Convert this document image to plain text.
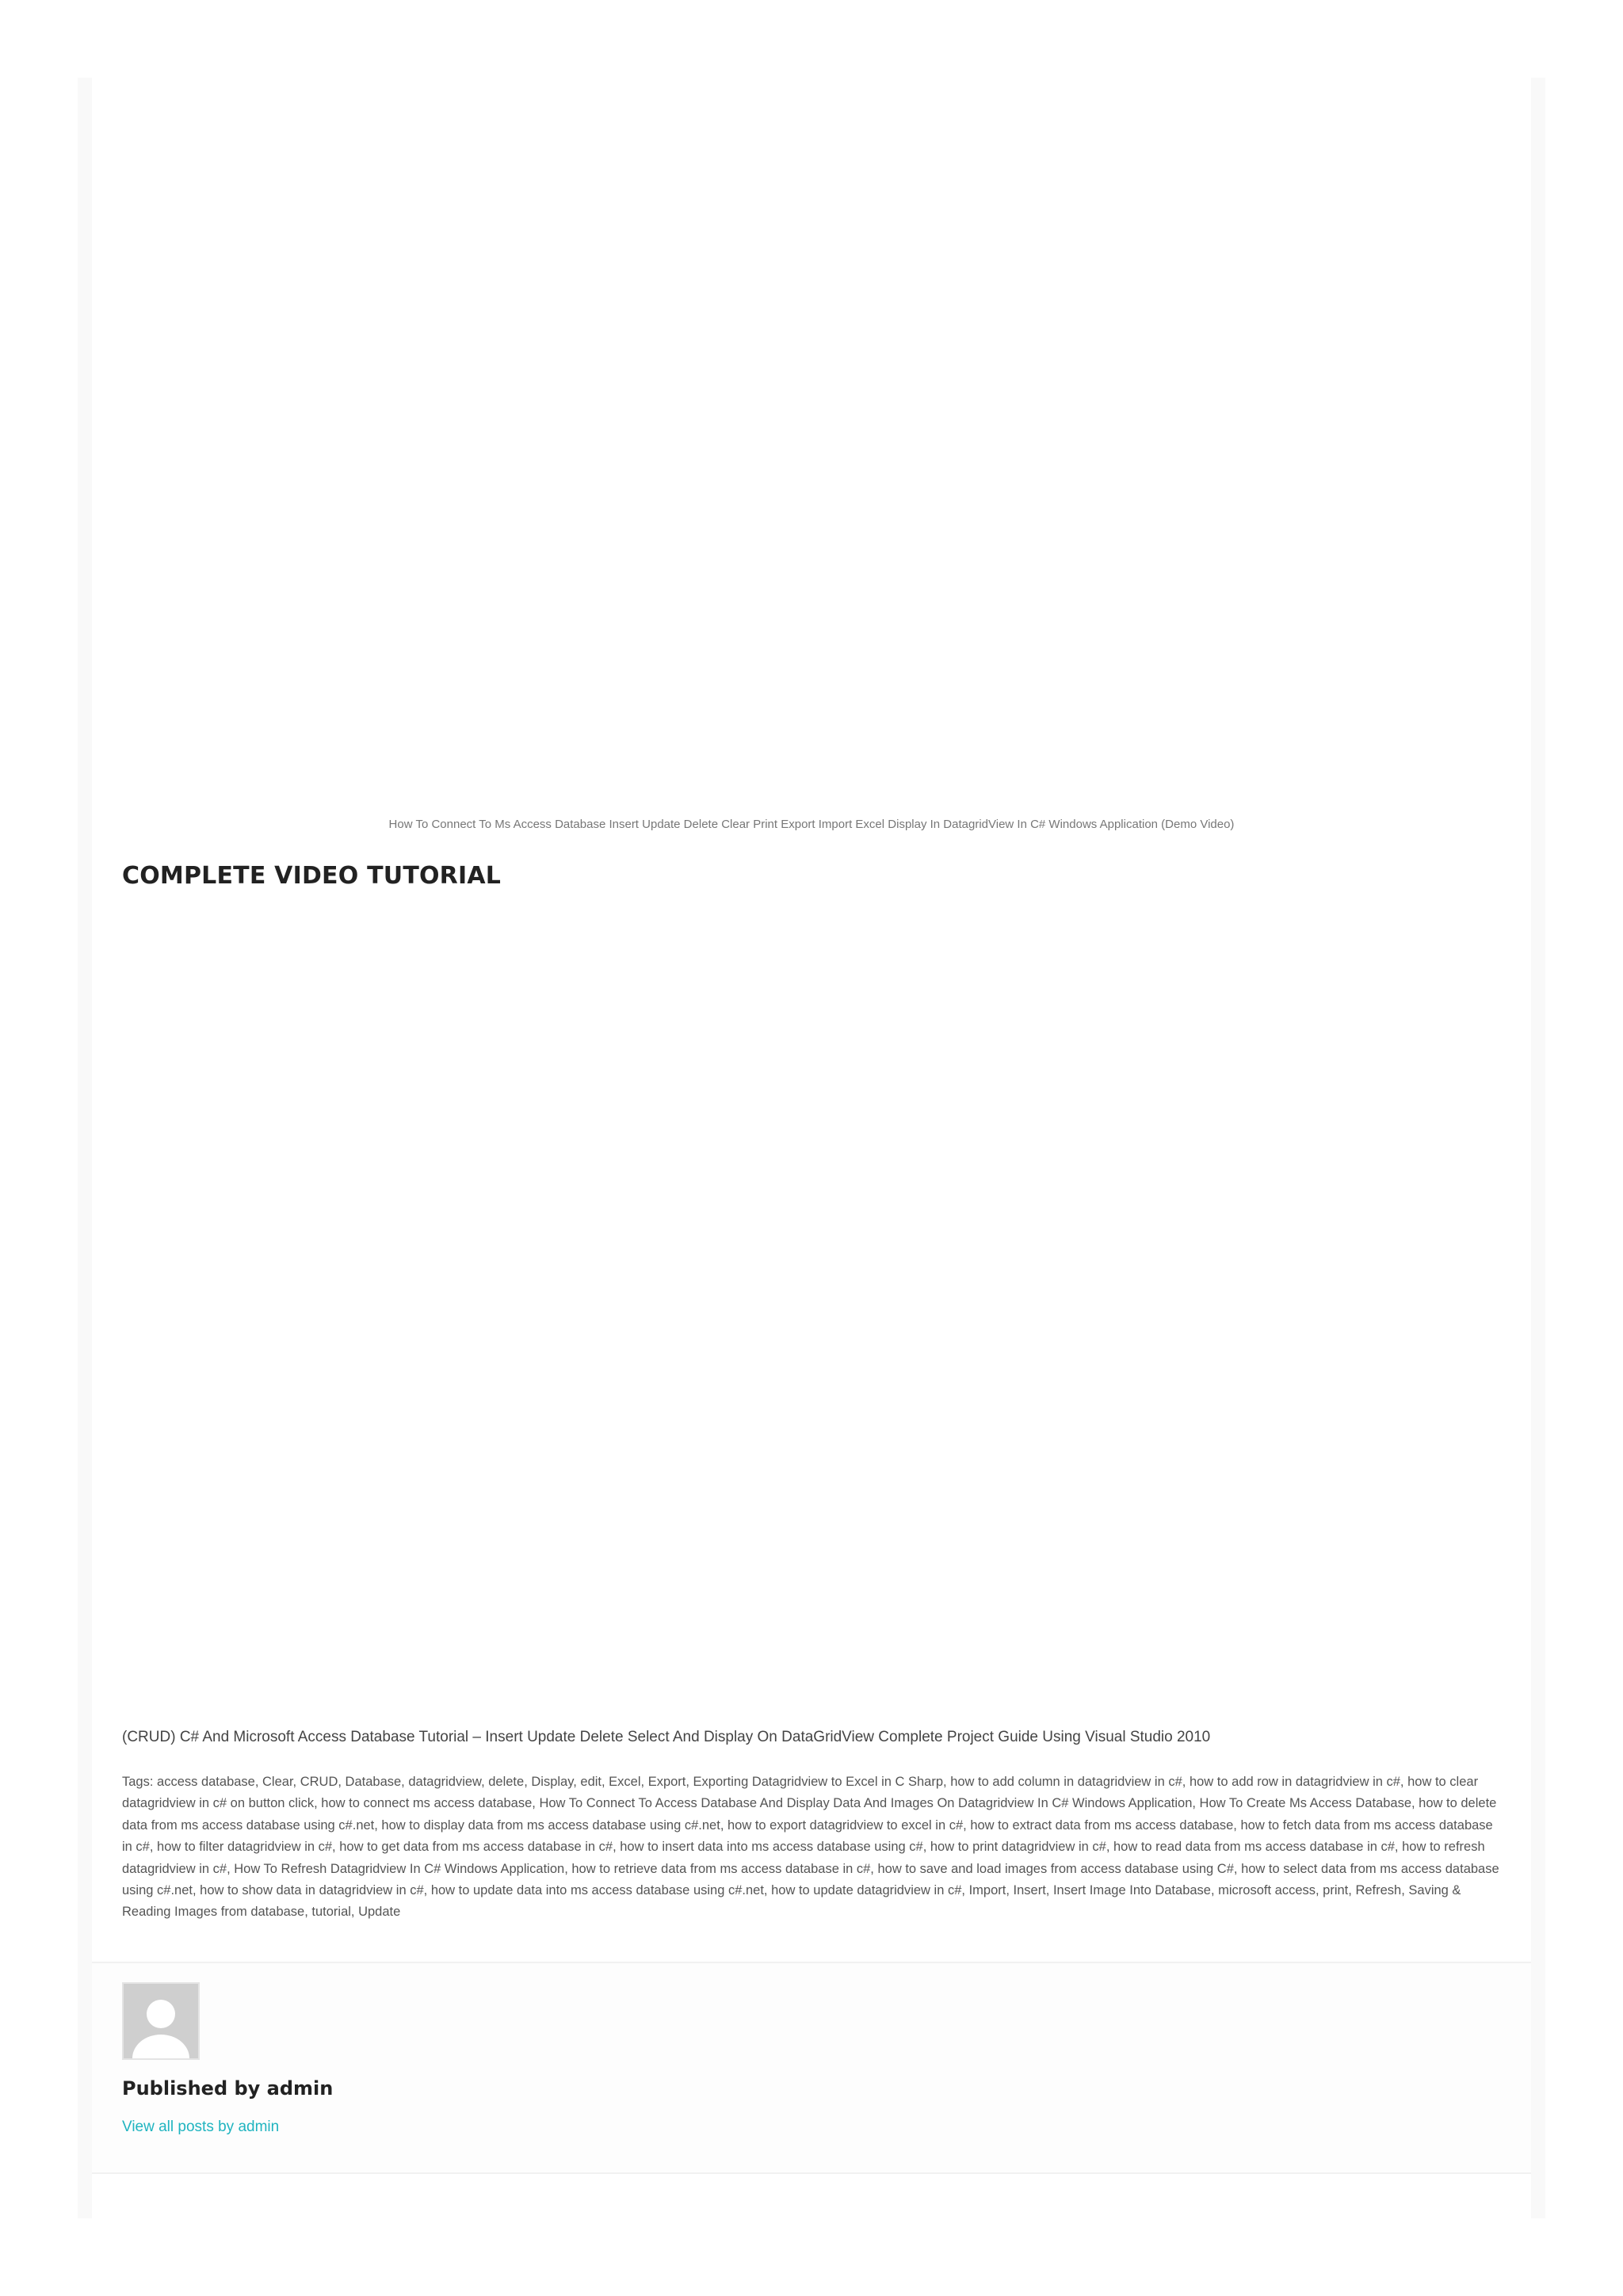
How To Connect To Ms Access Database Insert Update Delete Clear Print Export Import Excel Display In DatagridView In C# Windows Application (Demo Video)
COMPLETE VIDEO TUTORIAL
(CRUD) C# And Microsoft Access Database Tutorial – Insert Update Delete Select And Display On DataGridView Complete Project Guide Using Visual Studio 2010
Tags: access database, Clear, CRUD, Database, datagridview, delete, Display, edit, Excel, Export, Exporting Datagridview to Excel in C Sharp, how to add column in datagridview in c#, how to add row in datagridview in c#, how to clear datagridview in c# on button click, how to connect ms access database, How To Connect To Access Database And Display Data And Images On Datagridview In C# Windows Application, How To Create Ms Access Database, how to delete data from ms access database using c#.net, how to display data from ms access database using c#.net, how to export datagridview to excel in c#, how to extract data from ms access database, how to fetch data from ms access database in c#, how to filter datagridview in c#, how to get data from ms access database in c#, how to insert data into ms access database using c#, how to print datagridview in c#, how to read data from ms access database in c#, how to refresh datagridview in c#, How To Refresh Datagridview In C# Windows Application, how to retrieve data from ms access database in c#, how to save and load images from access database using C#, how to select data from ms access database using c#.net, how to show data in datagridview in c#, how to update data into ms access database using c#.net, how to update datagridview in c#, Import, Insert, Insert Image Into Database, microsoft access, print, Refresh, Saving & Reading Images from database, tutorial, Update
Published by admin
View all posts by admin
